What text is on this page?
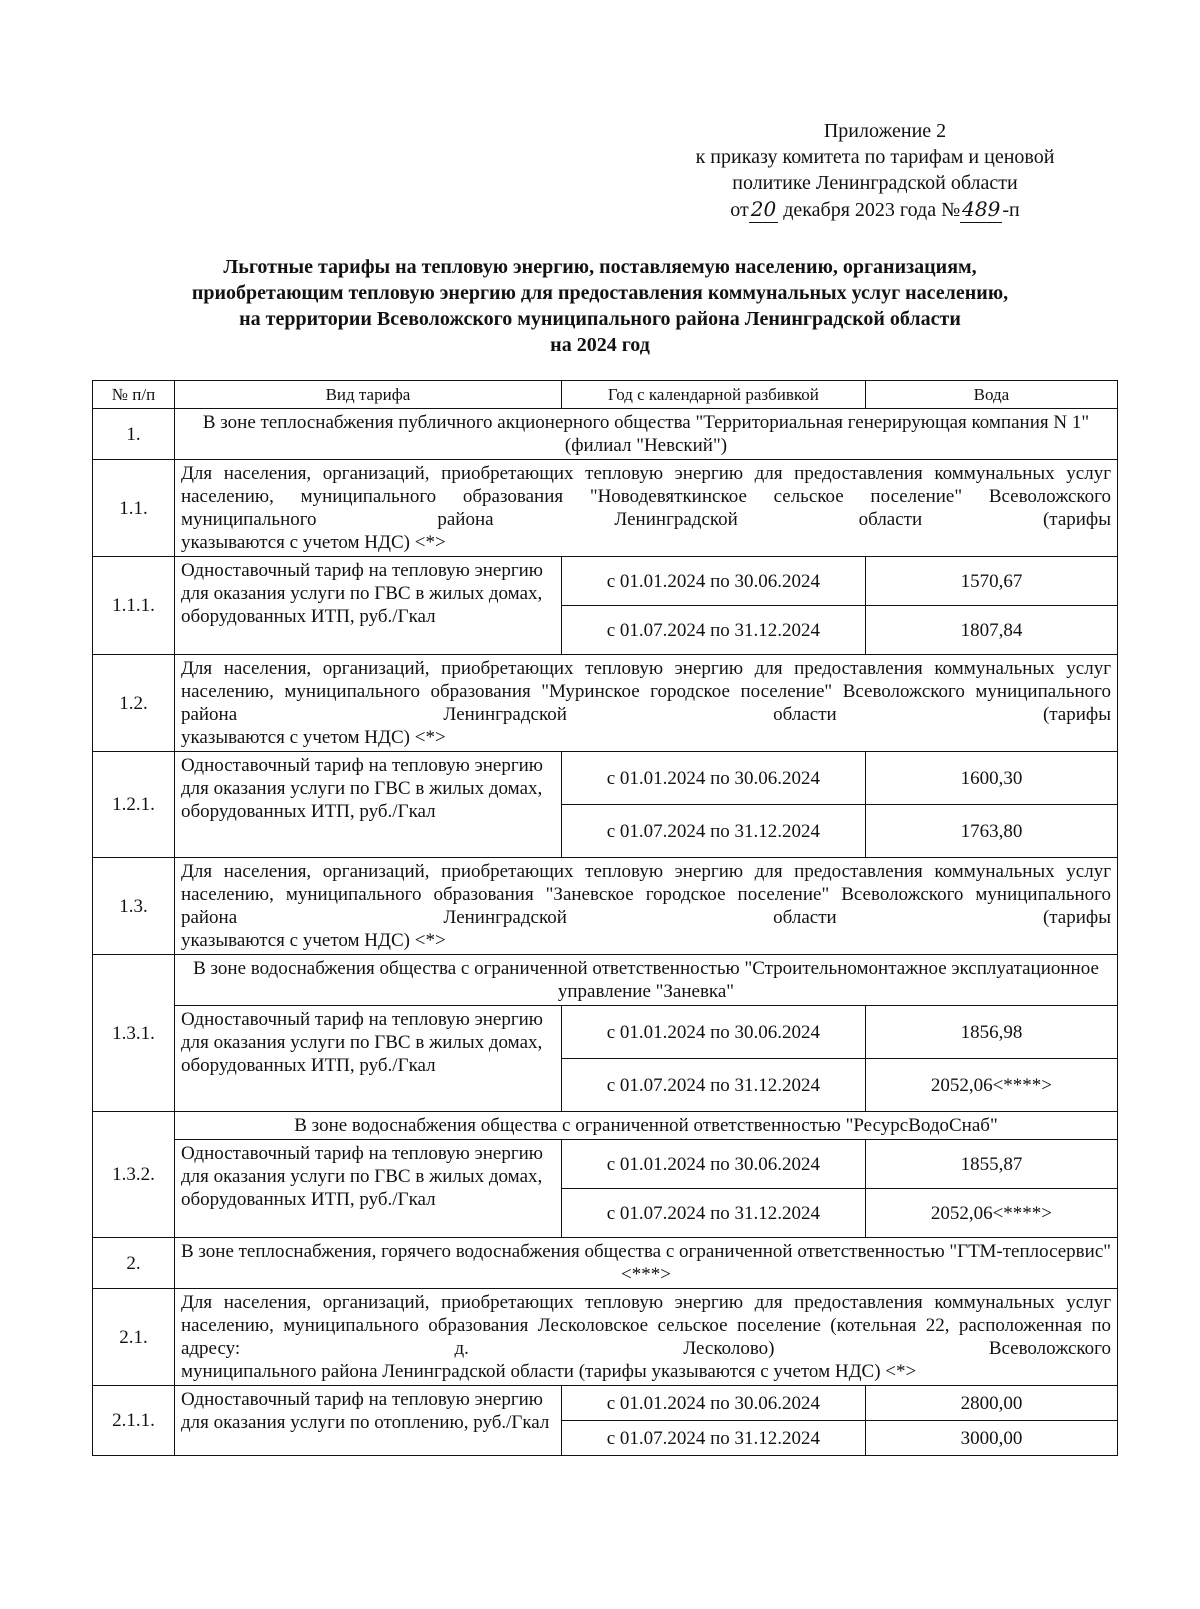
Приложение 2
к приказу комитета по тарифам и ценовой
политике Ленинградской области
от 20 декабря 2023 года № 489 -п
Льготные тарифы на тепловую энергию, поставляемую населению, организациям,
приобретающим тепловую энергию для предоставления коммунальных услуг населению,
на территории Всеволожского муниципального района Ленинградской области
на 2024 год
№ п/п	Вид тарифа	Год с календарной разбивкой	Вода
1.	В зоне теплоснабжения публичного акционерного общества "Территориальная генерирующая компания N 1" (филиал "Невский")		
1.1.	Для населения, организаций, приобретающих тепловую энергию для предоставления коммунальных услуг населению, муниципального образования "Новодевяткинское сельское поселение" Всеволожского муниципального района Ленинградской области (тарифы
указываются с учетом НДС) <*>		

1.1.1.	Одноставочный тариф на тепловую энергию для оказания услуги по ГВС в жилых домах, оборудованных ИТП, руб./Гкал	с 01.01.2024 по 30.06.2024	1570,67
		с 01.07.2024 по 31.12.2024	1807,84
1.2.	Для населения, организаций, приобретающих тепловую энергию для предоставления коммунальных услуг населению, муниципального образования "Муринское городское поселение" Всеволожского муниципального района Ленинградской области (тарифы
указываются с учетом НДС) <*>		

1.2.1.	Одноставочный тариф на тепловую энергию для оказания услуги по ГВС в жилых домах, оборудованных ИТП, руб./Гкал	с 01.01.2024 по 30.06.2024	1600,30
		с 01.07.2024 по 31.12.2024	1763,80
1.3.	Для населения, организаций, приобретающих тепловую энергию для предоставления коммунальных услуг населению, муниципального образования "Заневское городское поселение" Всеволожского муниципального района Ленинградской области (тарифы
указываются с учетом НДС) <*>		

1.3.1.	В зоне водоснабжения общества с ограниченной ответственностью "Строительномонтажное эксплуатационное управление "Заневка"		
	Одноставочный тариф на тепловую энергию для оказания услуги по ГВС в жилых домах, оборудованных ИТП, руб./Гкал	с 01.01.2024 по 30.06.2024	1856,98
		с 01.07.2024 по 31.12.2024	2052,06<****>
1.3.2.	В зоне водоснабжения общества с ограниченной ответственностью "РесурсВодоСнаб"		
	Одноставочный тариф на тепловую энергию для оказания услуги по ГВС в жилых домах, оборудованных ИТП, руб./Гкал	с 01.01.2024 по 30.06.2024	1855,87
		с 01.07.2024 по 31.12.2024	2052,06<****>
2.	В зоне теплоснабжения, горячего водоснабжения общества с ограниченной ответственностью "ГТМ-теплосервис" <***>		
2.1.	Для населения, организаций, приобретающих тепловую энергию для предоставления коммунальных услуг населению, муниципального образования Лесколовское сельское поселение (котельная 22, расположенная по адресу: д. Лесколово) Всеволожского
муниципального района Ленинградской области (тарифы указываются с учетом НДС) <*>		

2.1.1.	Одноставочный тариф на тепловую энергию для оказания услуги по отоплению, руб./Гкал	с 01.01.2024 по 30.06.2024	2800,00
		с 01.07.2024 по 31.12.2024	3000,00
